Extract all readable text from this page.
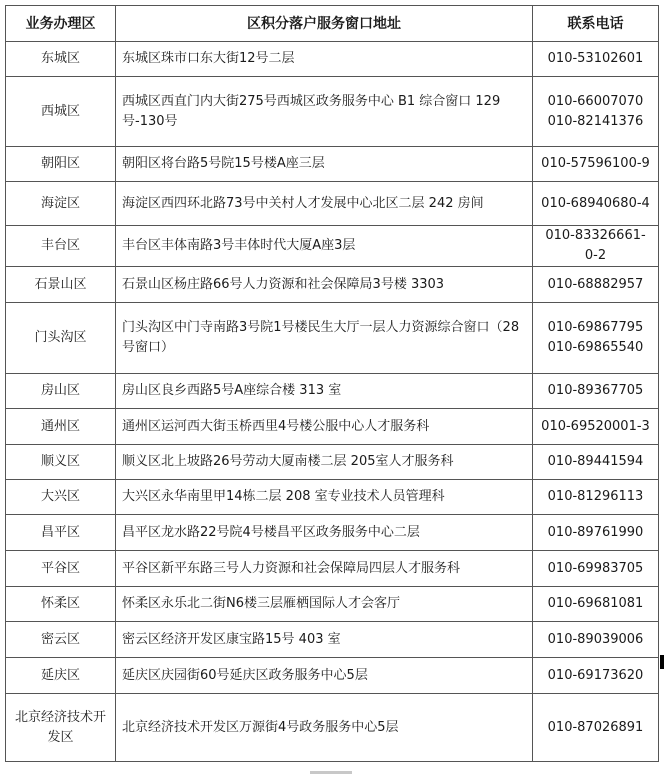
业务办理区	区积分落户服务窗口地址	联系电话
东城区	东城区珠市口东大街12号二层	010-53102601

西城区	西城区西直门内大街275号西城区政务服务中心 B1 综合窗口 129号-130号	010-66007070
010-82141376

朝阳区	朝阳区将台路5号院15号楼A座三层	010-57596100-9

海淀区	海淀区西四环北路73号中关村人才发展中心北区二层 242 房间	010-68940680-4

丰台区	丰台区丰体南路3号丰体时代大厦A座3层	010-83326661-0-2

石景山区	石景山区杨庄路66号人力资源和社会保障局3号楼 3303	010-68882957

门头沟区	门头沟区中门寺南路3号院1号楼民生大厅一层人力资源综合窗口（28号窗口）	010-69867795
010-69865540

房山区	房山区良乡西路5号A座综合楼 313 室	010-89367705

通州区	通州区运河西大街玉桥西里4号楼公服中心人才服务科	010-69520001-3

顺义区	顺义区北上坡路26号劳动大厦南楼二层 205室人才服务科	010-89441594

大兴区	大兴区永华南里甲14栋二层 208 室专业技术人员管理科	010-81296113

昌平区	昌平区龙水路22号院4号楼昌平区政务服务中心二层	010-89761990

平谷区	平谷区新平东路三号人力资源和社会保障局四层人才服务科	010-69983705

怀柔区	怀柔区永乐北二街N6楼三层雁栖国际人才会客厅	010-69681081

密云区	密云区经济开发区康宝路15号 403 室	010-89039006

延庆区	延庆区庆园街60号延庆区政务服务中心5层	010-69173620

北京经济技术开发区	北京经济技术开发区万源街4号政务服务中心5层	010-87026891
